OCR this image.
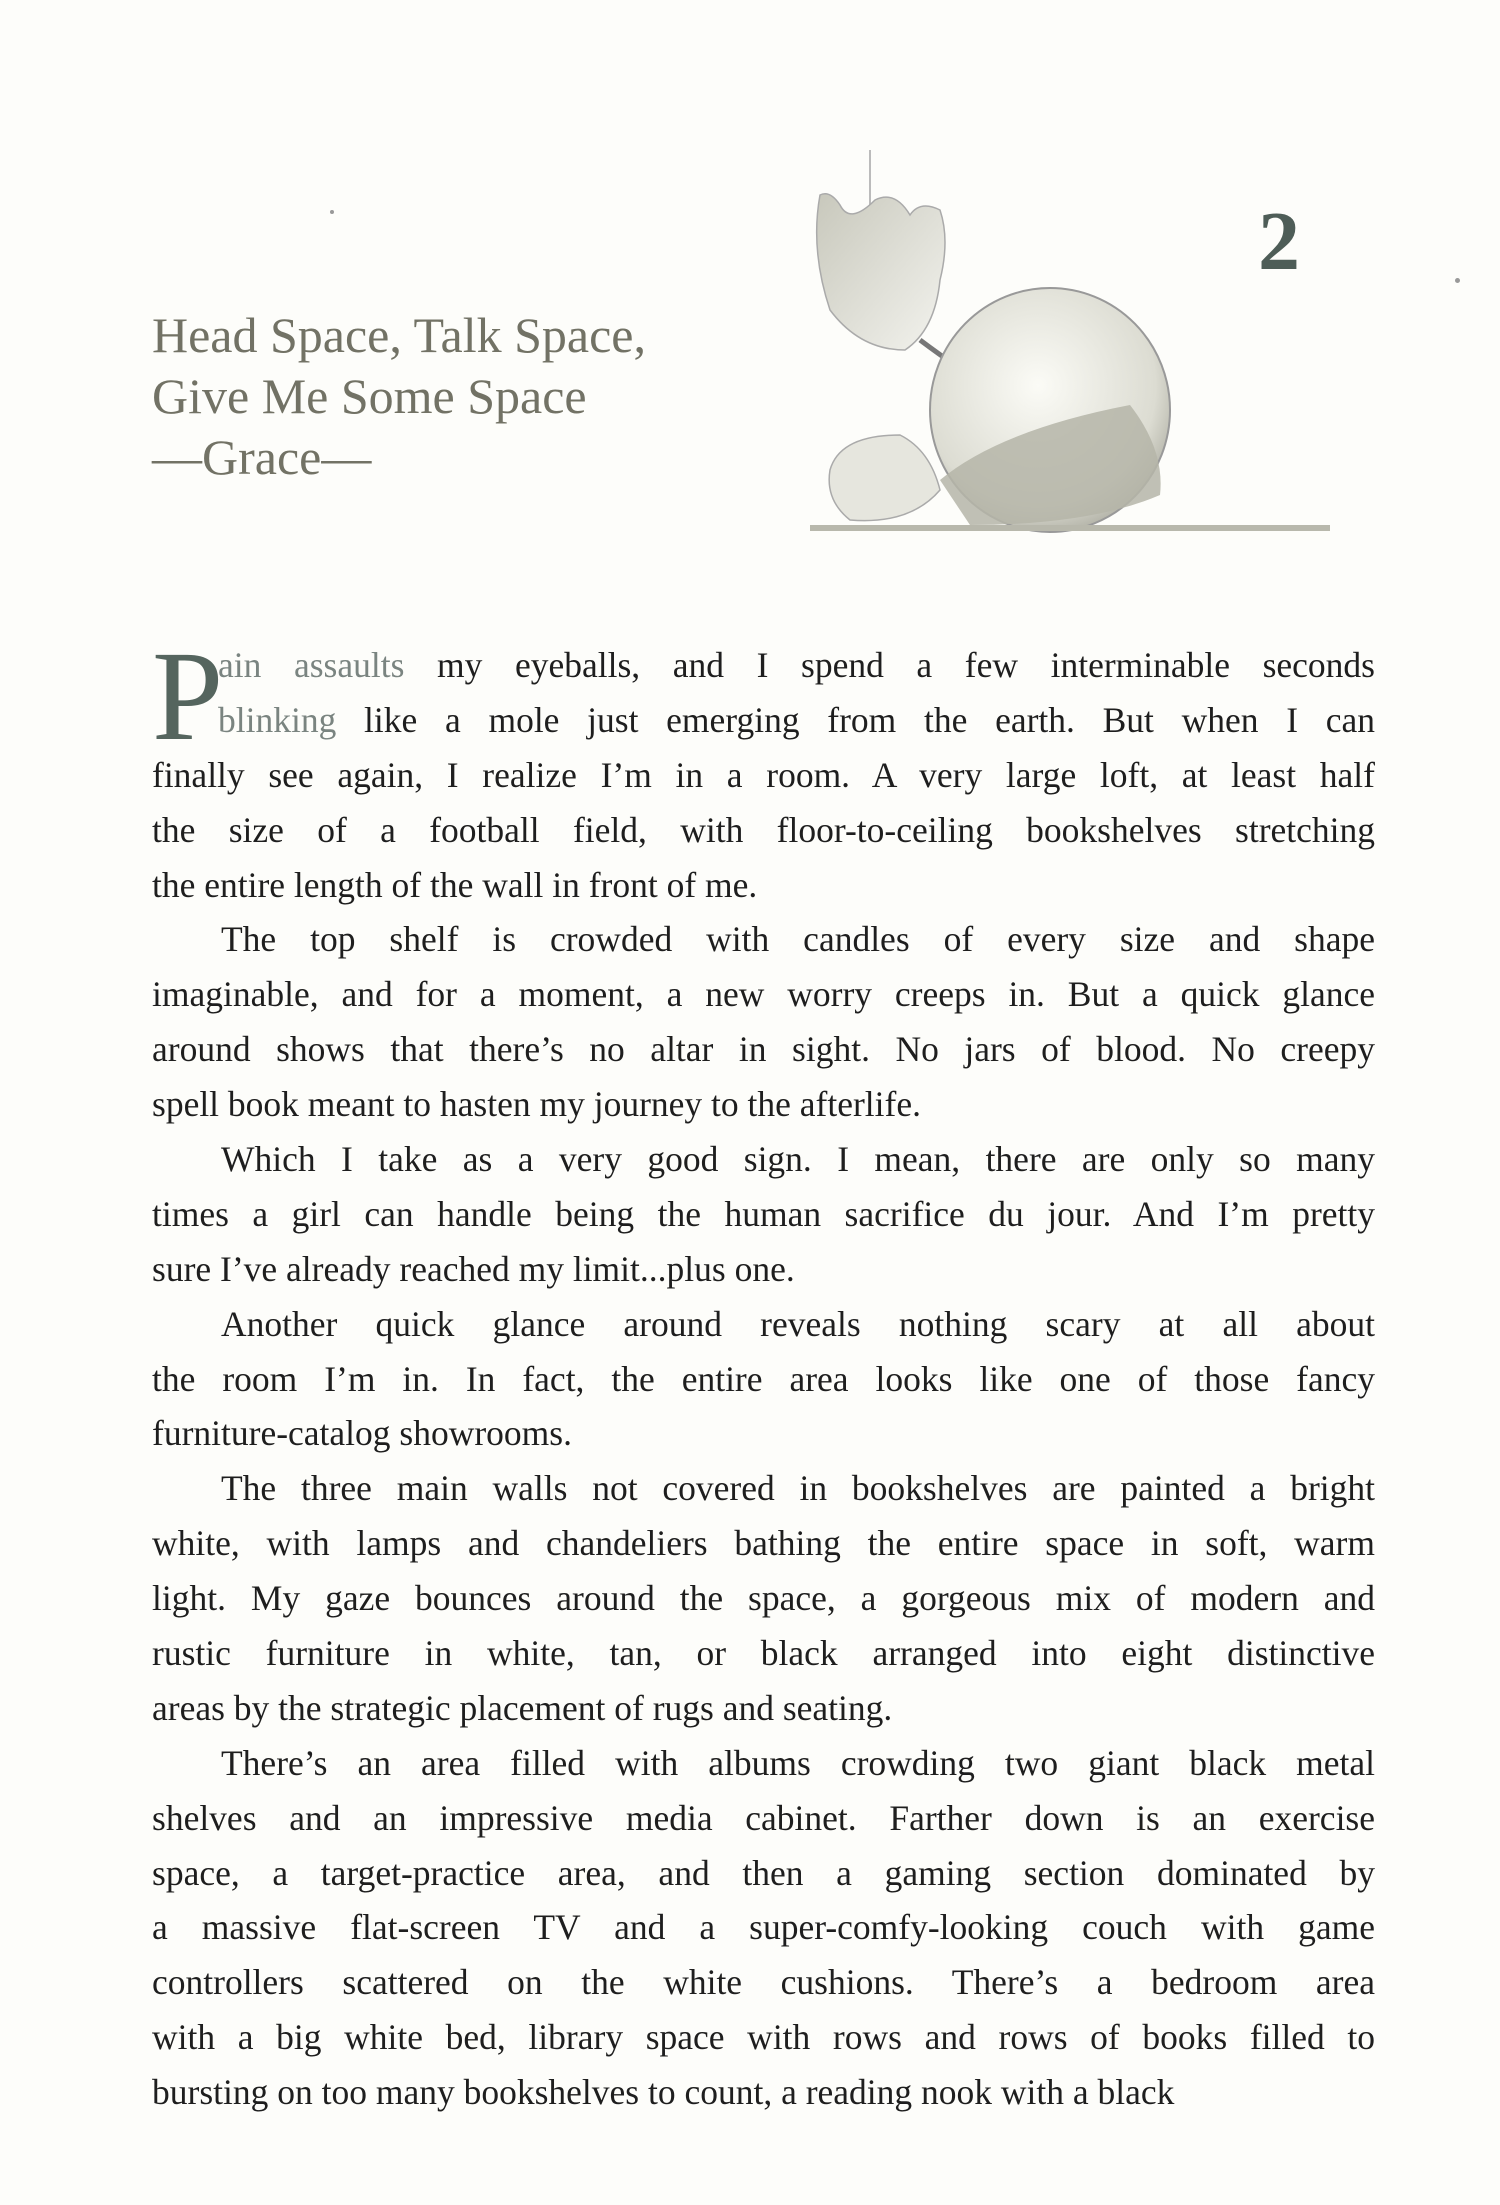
Head Space, Talk Space,
Give Me Some Space
—Grace—
2
P
ain assaults my eyeballs, and I spend a few interminable seconds
blinking like a mole just emerging from the earth. But when I can
finally see again, I realize I’m in a room. A very large loft, at least half
the size of a football field, with floor-to-ceiling bookshelves stretching
the entire length of the wall in front of me.
The top shelf is crowded with candles of every size and shape
imaginable, and for a moment, a new worry creeps in. But a quick glance
around shows that there’s no altar in sight. No jars of blood. No creepy
spell book meant to hasten my journey to the afterlife.
Which I take as a very good sign. I mean, there are only so many
times a girl can handle being the human sacrifice du jour. And I’m pretty
sure I’ve already reached my limit...plus one.
Another quick glance around reveals nothing scary at all about
the room I’m in. In fact, the entire area looks like one of those fancy
furniture-catalog showrooms.
The three main walls not covered in bookshelves are painted a bright
white, with lamps and chandeliers bathing the entire space in soft, warm
light. My gaze bounces around the space, a gorgeous mix of modern and
rustic furniture in white, tan, or black arranged into eight distinctive
areas by the strategic placement of rugs and seating.
There’s an area filled with albums crowding two giant black metal
shelves and an impressive media cabinet. Farther down is an exercise
space, a target-practice area, and then a gaming section dominated by
a massive flat-screen TV and a super-comfy-looking couch with game
controllers scattered on the white cushions. There’s a bedroom area
with a big white bed, library space with rows and rows of books filled to
bursting on too many bookshelves to count, a reading nook with a black
